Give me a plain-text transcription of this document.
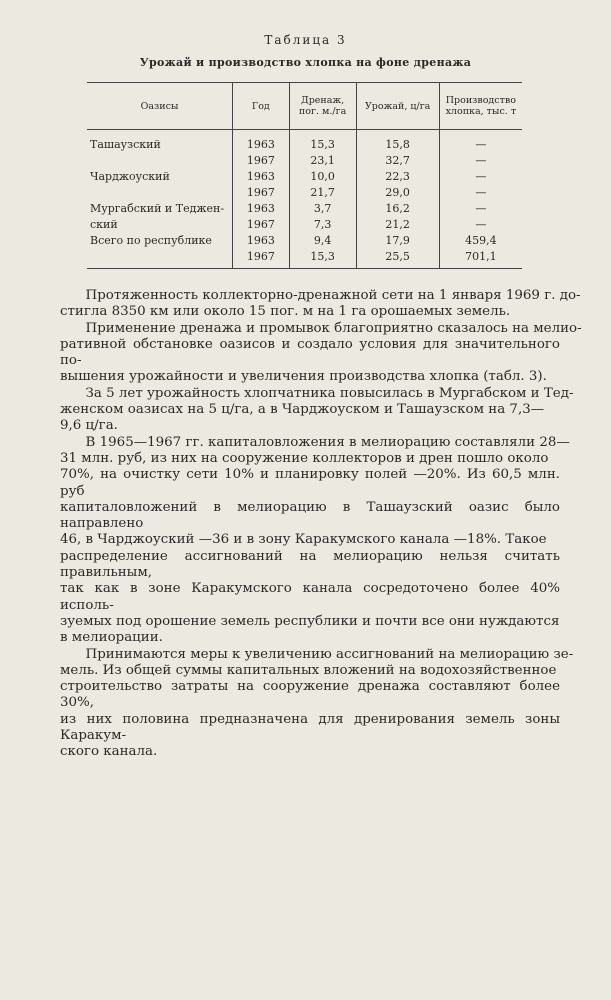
Таблица 3
Урожай и производство хлопка на фоне дренажа
Оазисы	Год	Дренаж, пог. м./га	Урожай, ц/га	Производство хлопка, тыс. т
Ташаузский	1963	15,3	15,8	—
	1967	23,1	32,7	—
Чарджоуский	1963	10,0	22,3	—
	1967	21,7	29,0	—
Мургабский и Теджен-	1963	3,7	16,2	—
ский	1967	7,3	21,2	—
Всего по республике	1963	9,4	17,9	459,4
	1967	15,3	25,5	701,1

Протяженность коллекторно-дренажной сети на 1 января 1969 г. до-

стигла 8350 км или около 15 пог. м на 1 га орошаемых земель.

Применение дренажа и промывок благоприятно сказалось на мелио-

ративной обстановке оазисов и создало условия для значительного по-

вышения урожайности и увеличения производства хлопка (табл. 3).

За 5 лет урожайность хлопчатника повысилась в Мургабском и Тед-

женском оазисах на 5 ц/га, а в Чарджоуском и Ташаузском на 7,3—

9,6 ц/га.

В 1965—1967 гг. капиталовложения в мелиорацию составляли 28—

31 млн. руб, из них на сооружение коллекторов и дрен пошло около

70%, на очистку сети 10% и планировку полей —20%. Из 60,5 млн. руб

капиталовложений в мелиорацию в Ташаузский оазис было направлено

46, в Чарджоуский —36 и в зону Каракумского канала —18%. Такое

распределение ассигнований на мелиорацию нельзя считать правильным,

так как в зоне Каракумского канала сосредоточено более 40% исполь-

зуемых под орошение земель республики и почти все они нуждаются

в мелиорации.

Принимаются меры к увеличению ассигнований на мелиорацию зе-

мель. Из общей суммы капитальных вложений на водохозяйственное

строительство затраты на сооружение дренажа составляют более 30%,

из них половина предназначена для дренирования земель зоны Каракум-

ского канала.
